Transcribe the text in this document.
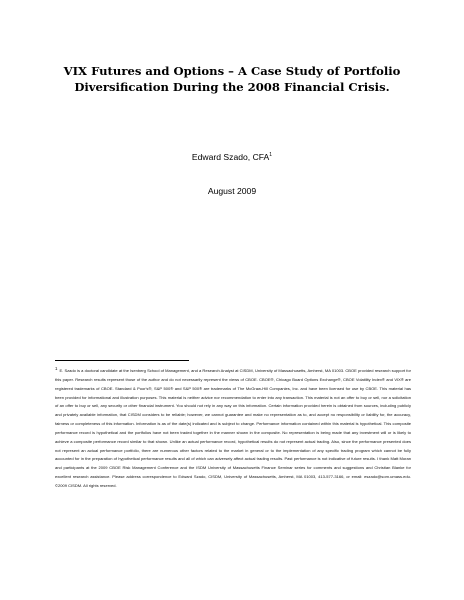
VIX Futures and Options – A Case Study of Portfolio
Diversification During the 2008 Financial Crisis.
Edward Szado, CFA$^1$
August 2009
$^1$ E. Szado is a doctoral candidate at the Isenberg School of Management, and a Research Analyst at CISDM, University of Massachusetts, Amherst, MA 01003. CBOE provided research support for this paper. Research results represent those of the author and do not necessarily represent the views of CBOE. CBOE®, Chicago Board Options Exchange®, CBOE Volatility Index® and VIX® are registered trademarks of CBOE. Standard & Poor's®, S&P 500® and S&P 500® are trademarks of The McGraw-Hill Companies, Inc. and have been licensed for use by CBOE. This material has been provided for informational and illustration purposes. This material is neither advice nor recommendation to enter into any transaction. This material is not an offer to buy or sell, nor a solicitation of an offer to buy or sell, any security or other financial instrument. You should not rely in any way on this information. Certain information provided herein is obtained from sources, including publicly and privately available information, that CISDM considers to be reliable; however, we cannot guarantee and make no representation as to, and accept no responsibility or liability for, the accuracy, fairness or completeness of this information. Information is as of the date(s) indicated and is subject to change. Performance information contained within this material is hypothetical. This composite performance record is hypothetical and the portfolios have not been traded together in the manner shown in the composite. No representation is being made that any investment will or is likely to achieve a composite performance record similar to that shown. Unlike an actual performance record, hypothetical results do not represent actual trading. Also, since the performance presented does not represent an actual performance portfolio, there are numerous other factors related to the market in general or to the implementation of any specific trading program which cannot be fully accounted for in the preparation of hypothetical performance results and all of which can adversely affect actual trading results. Past performance is not indicative of future results. I thank Matt Moran and participants at the 2009 CBOE Risk Management Conference and the ISDM University of Massachusetts Finance Seminar series for comments and suggestions and Christian Blanke for excellent research assistance. Please address correspondence to Edward Szado, CISDM, University of Massachusetts, Amherst, MA 01003, 413-577-3166, or email: eszado@som.umass.edu. ©2009 CISDM. All rights reserved.
